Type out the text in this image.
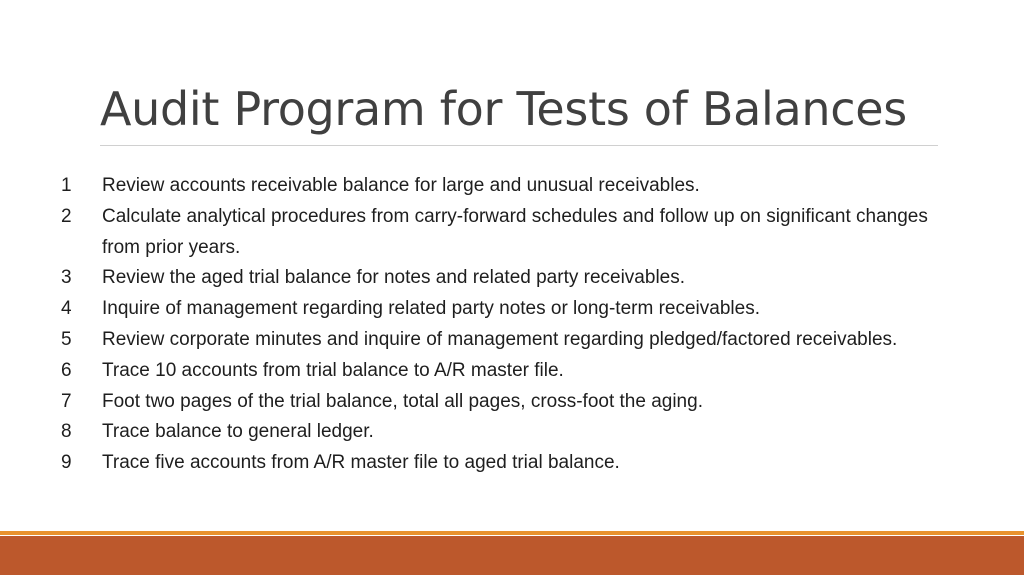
Audit Program for Tests of Balances
1	Review accounts receivable balance for large and unusual receivables.
2	Calculate analytical procedures from carry-forward schedules and follow up on significant changes from prior years.
3	Review the aged trial balance for notes and related party receivables.
4	Inquire of management regarding related party notes or long-term receivables.
5	Review corporate minutes and inquire of management regarding pledged/factored receivables.
6	Trace 10 accounts from trial balance to A/R master file.
7	Foot two pages of the trial balance, total all pages, cross-foot the aging.
8	Trace balance to general ledger.
9	Trace five accounts from A/R master file to aged trial balance.
